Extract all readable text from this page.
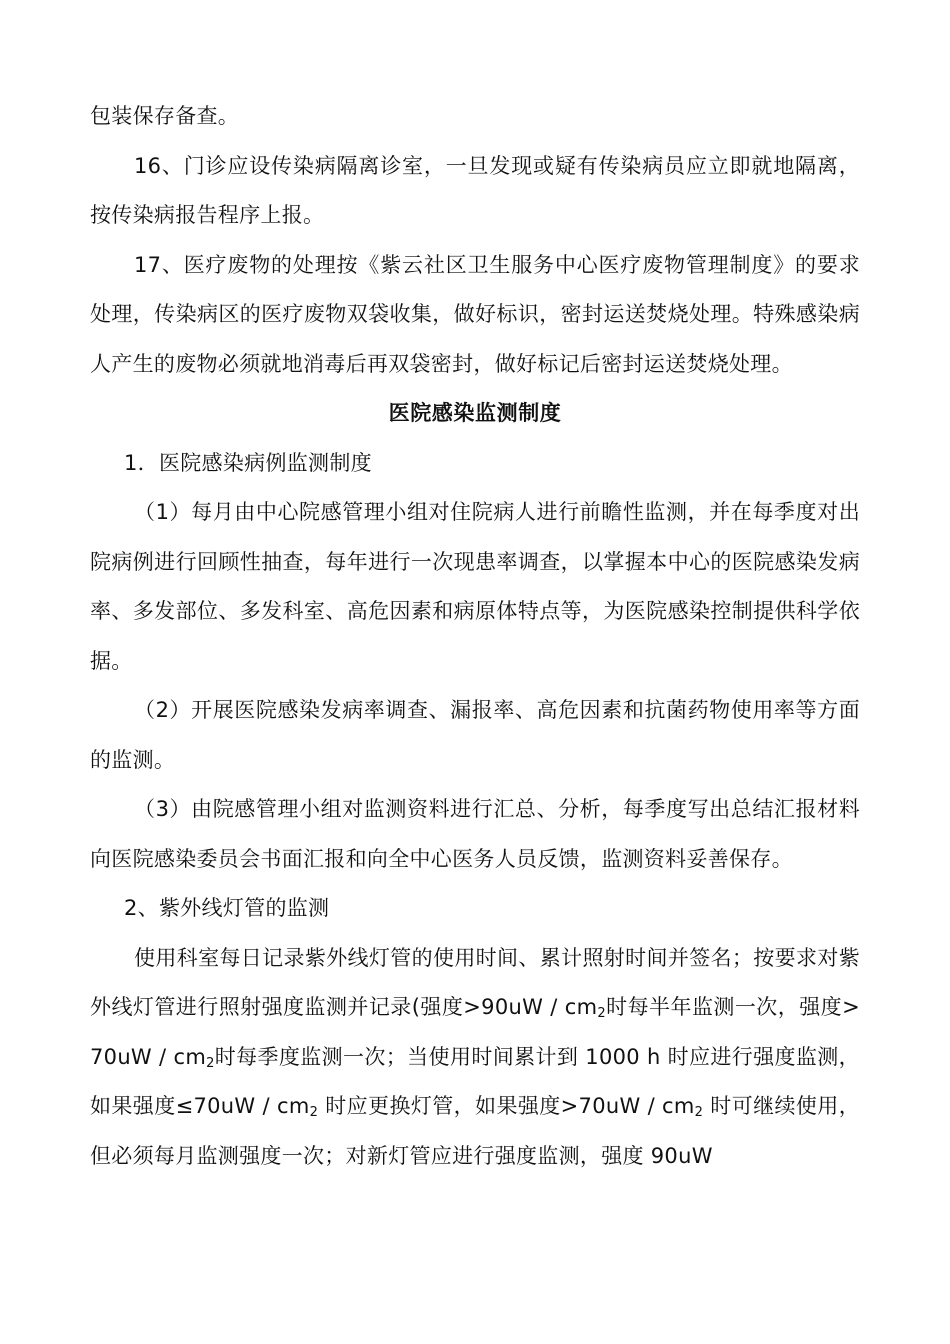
包装保存备查。

16、门诊应设传染病隔离诊室，一旦发现或疑有传染病员应立即就地隔离，按传染病报告程序上报。

17、医疗废物的处理按《紫云社区卫生服务中心医疗废物管理制度》的要求处理，传染病区的医疗废物双袋收集，做好标识，密封运送焚烧处理。特殊感染病人产生的废物必须就地消毒后再双袋密封，做好标记后密封运送焚烧处理。

医院感染监测制度

1．医院感染病例监测制度

（1）每月由中心院感管理小组对住院病人进行前瞻性监测，并在每季度对出院病例进行回顾性抽查，每年进行一次现患率调查，以掌握本中心的医院感染发病率、多发部位、多发科室、高危因素和病原体特点等，为医院感染控制提供科学依据。

（2）开展医院感染发病率调查、漏报率、高危因素和抗菌药物使用率等方面的监测。

（3）由院感管理小组对监测资料进行汇总、分析，每季度写出总结汇报材料向医院感染委员会书面汇报和向全中心医务人员反馈，监测资料妥善保存。

2、紫外线灯管的监测

使用科室每日记录紫外线灯管的使用时间、累计照射时间并签名；按要求对紫外线灯管进行照射强度监测并记录(强度$>90uW / cm_2$时每半年监测一次，强度$>70uW / cm_2$时每季度监测一次；当使用时间累计到 1000 h 时应进行强度监测，如果强度$\le 70uW / cm_2$ 时应更换灯管，如果强度$>70uW / cm_2$ 时可继续使用，但必须每月监测强度一次；对新灯管应进行强度监测，强度 90uW
